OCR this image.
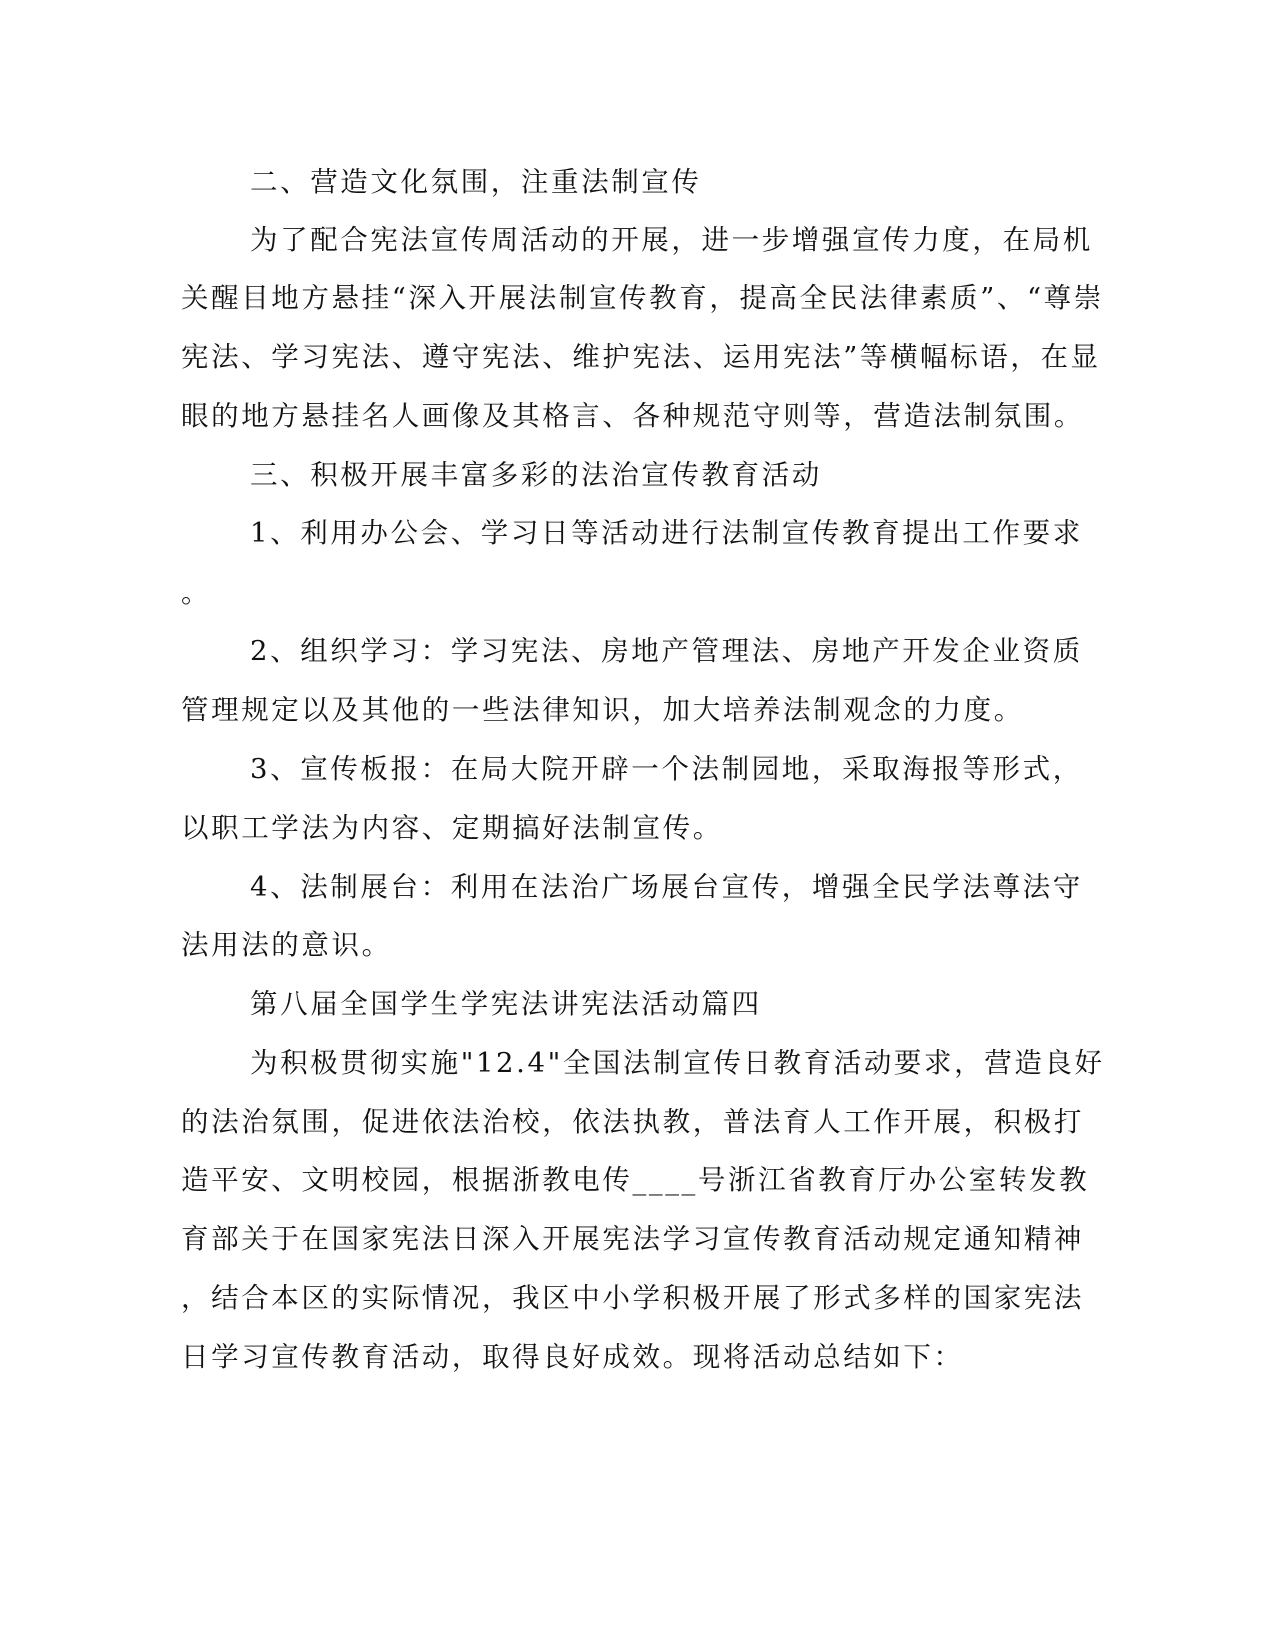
二、营造文化氛围，注重法制宣传
为了配合宪法宣传周活动的开展，进一步增强宣传力度，在局机
关醒目地方悬挂“深入开展法制宣传教育，提高全民法律素质”、“尊崇
宪法、学习宪法、遵守宪法、维护宪法、运用宪法”等横幅标语，在显
眼的地方悬挂名人画像及其格言、各种规范守则等，营造法制氛围。
三、积极开展丰富多彩的法治宣传教育活动
1、利用办公会、学习日等活动进行法制宣传教育提出工作要求
。
2、组织学习：学习宪法、房地产管理法、房地产开发企业资质
管理规定以及其他的一些法律知识，加大培养法制观念的力度。
3、宣传板报：在局大院开辟一个法制园地，采取海报等形式，
以职工学法为内容、定期搞好法制宣传。
4、法制展台：利用在法治广场展台宣传，增强全民学法尊法守
法用法的意识。
第八届全国学生学宪法讲宪法活动篇四
为积极贯彻实施"12.4"全国法制宣传日教育活动要求，营造良好
的法治氛围，促进依法治校，依法执教，普法育人工作开展，积极打
造平安、文明校园，根据浙教电传____号浙江省教育厅办公室转发教
育部关于在国家宪法日深入开展宪法学习宣传教育活动规定通知精神
，结合本区的实际情况，我区中小学积极开展了形式多样的国家宪法
日学习宣传教育活动，取得良好成效。现将活动总结如下：
